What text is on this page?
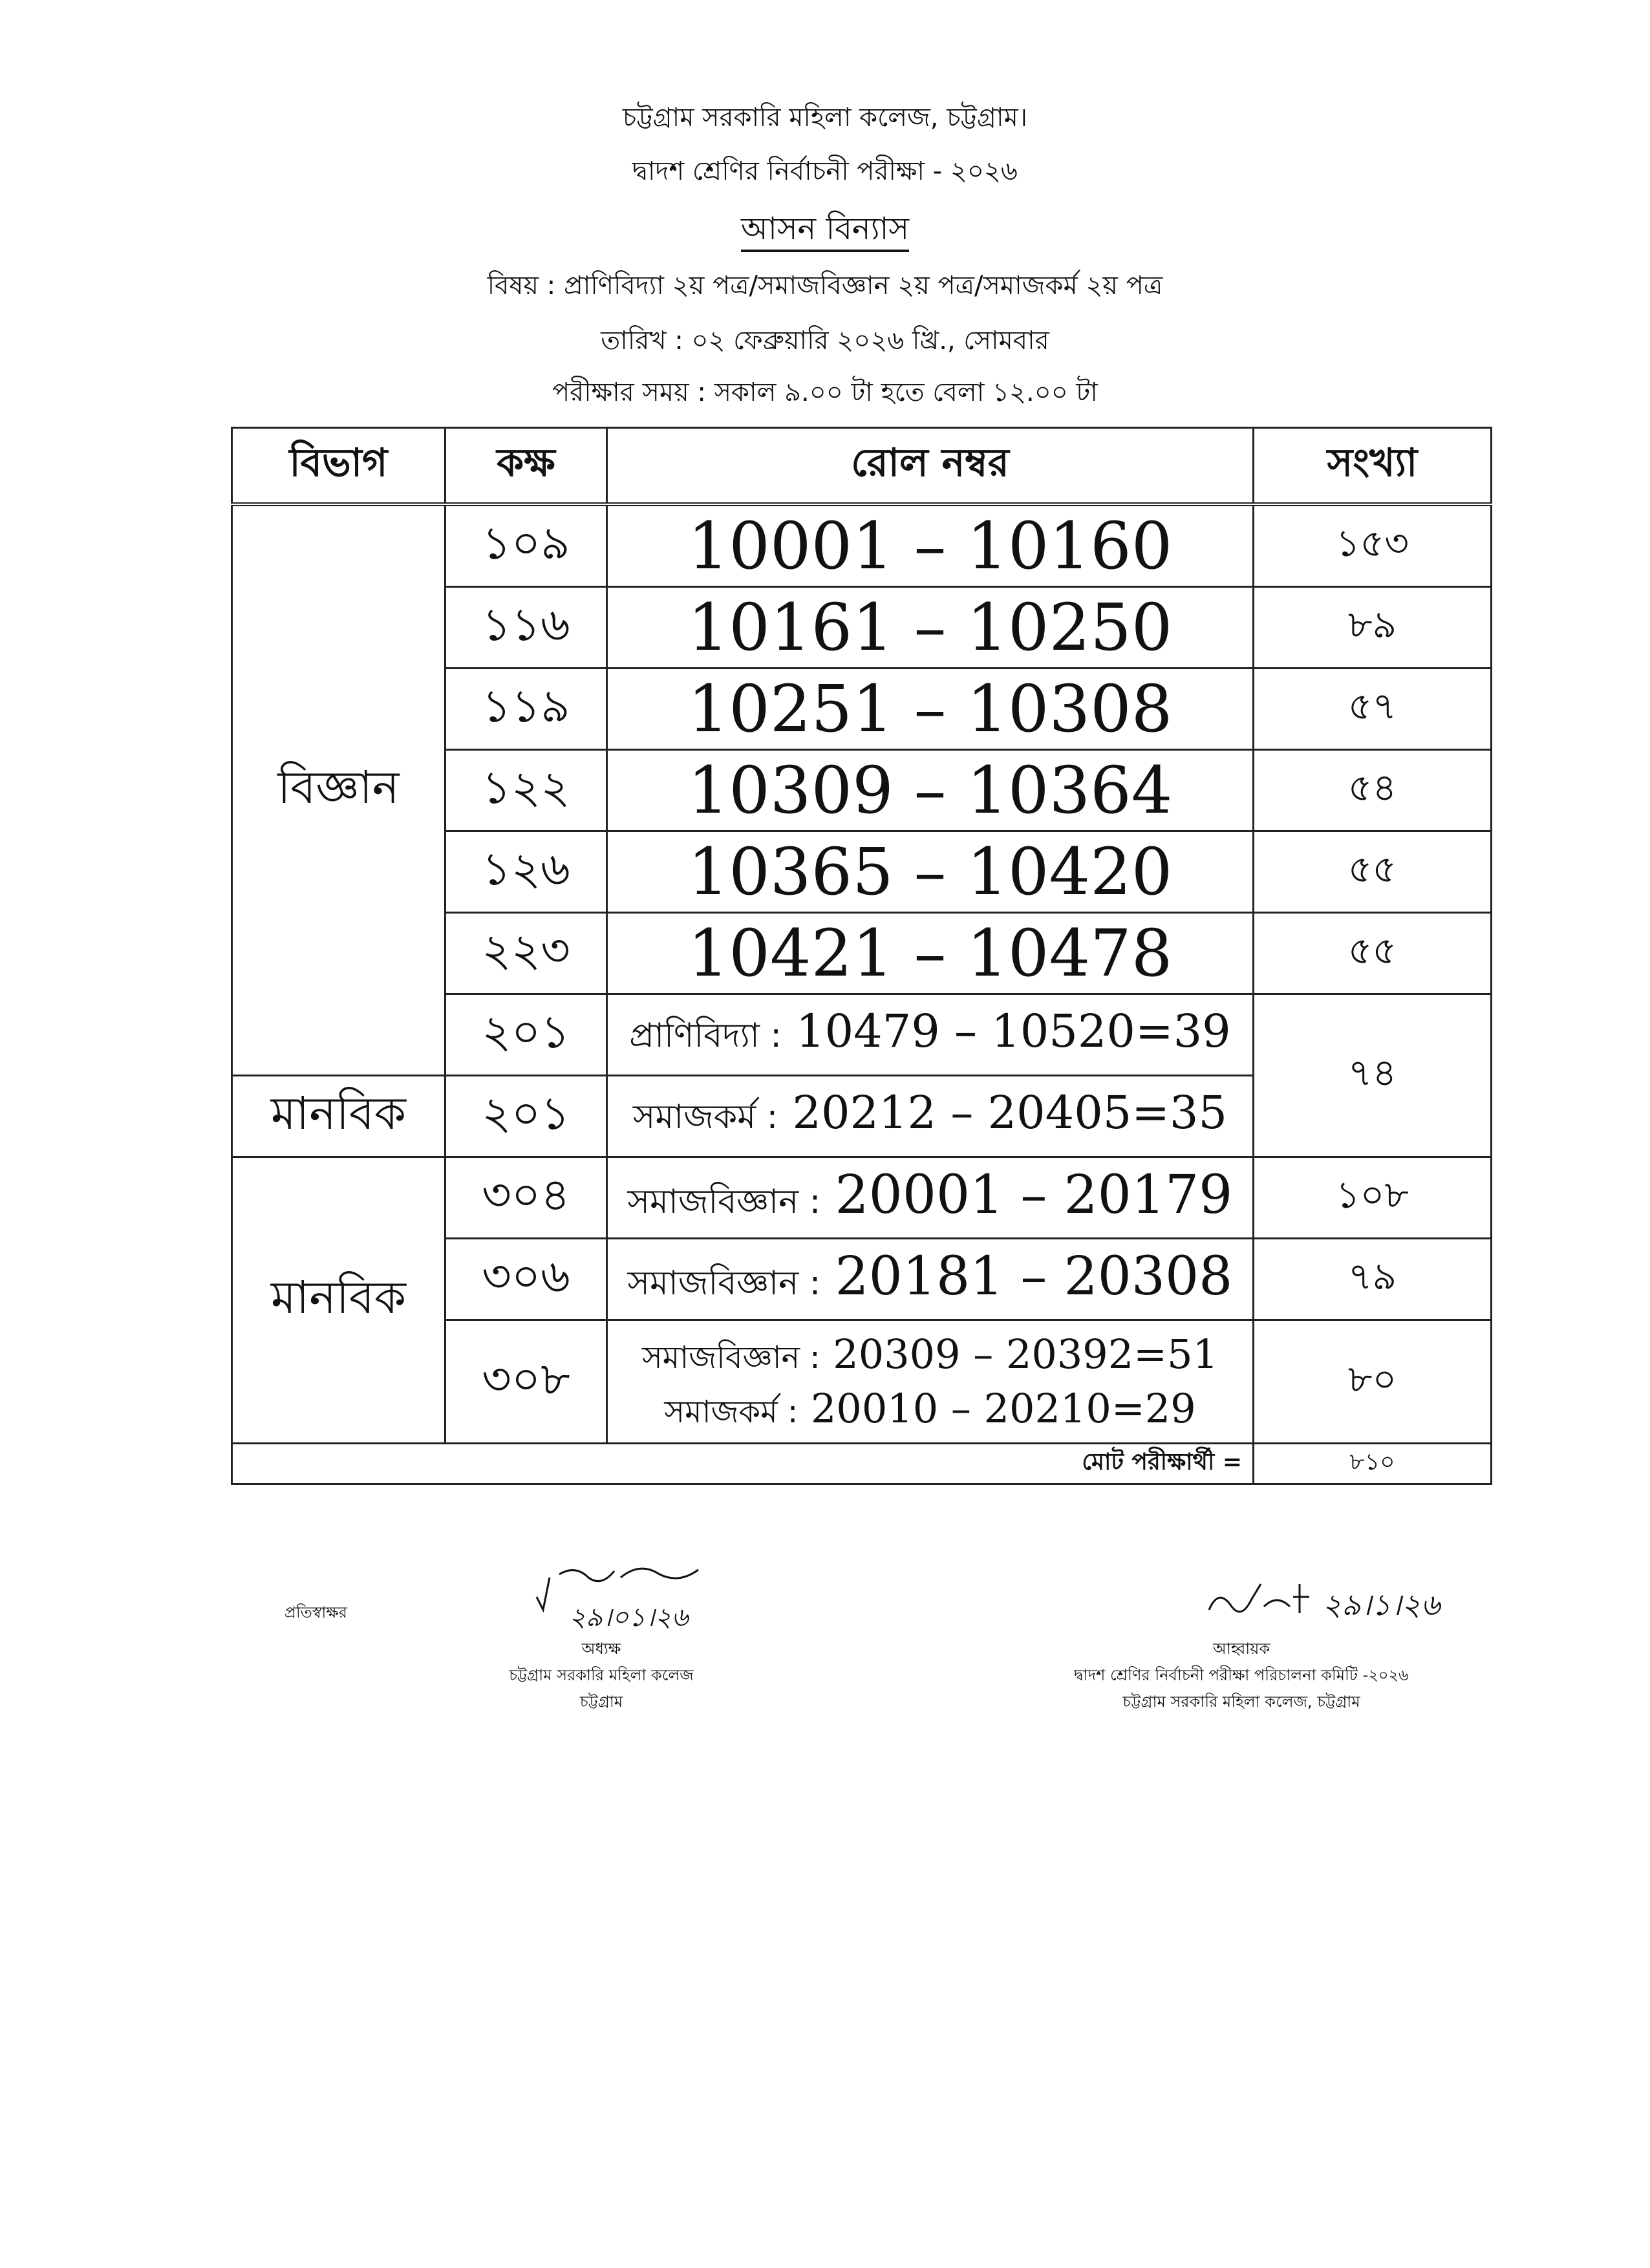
চট্টগ্রাম সরকারি মহিলা কলেজ, চট্টগ্রাম।
দ্বাদশ শ্রেণির নির্বাচনী পরীক্ষা - ২০২৬
আসন বিন্যাস
বিষয় : প্রাণিবিদ্যা ২য় পত্র/সমাজবিজ্ঞান ২য় পত্র/সমাজকর্ম ২য় পত্র
তারিখ : ০২ ফেব্রুয়ারি ২০২৬ খ্রি., সোমবার
পরীক্ষার সময় : সকাল ৯.০০ টা হতে বেলা ১২.০০ টা
বিভাগ	কক্ষ	রোল নম্বর	সংখ্যা
বিজ্ঞান	১০৯	10001 – 10160	১৫৩
	১১৬	10161 – 10250	৮৯
	১১৯	10251 – 10308	৫৭
	১২২	10309 – 10364	৫৪
	১২৬	10365 – 10420	৫৫
	২২৩	10421 – 10478	৫৫
	২০১	প্রাণিবিদ্যা : 10479 – 10520=39	৭৪
মানবিক	২০১	সমাজকর্ম : 20212 – 20405=35	
মানবিক	৩০৪	সমাজবিজ্ঞান : 20001 – 20179	১০৮
	৩০৬	সমাজবিজ্ঞান : 20181 – 20308	৭৯
	৩০৮	সমাজবিজ্ঞান : 20309 – 20392=51
সমাজকর্ম : 20010 – 20210=29	৮০
মোট পরীক্ষার্থী =			৮১০
প্রতিস্বাক্ষর	২৯।০১।২৬
অধ্যক্ষ
চট্টগ্রাম সরকারি মহিলা কলেজ
চট্টগ্রাম
২৯।১।২৬
আহ্বায়ক
দ্বাদশ শ্রেণির নির্বাচনী পরীক্ষা পরিচালনা কমিটি -২০২৬
চট্টগ্রাম সরকারি মহিলা কলেজ, চট্টগ্রাম
